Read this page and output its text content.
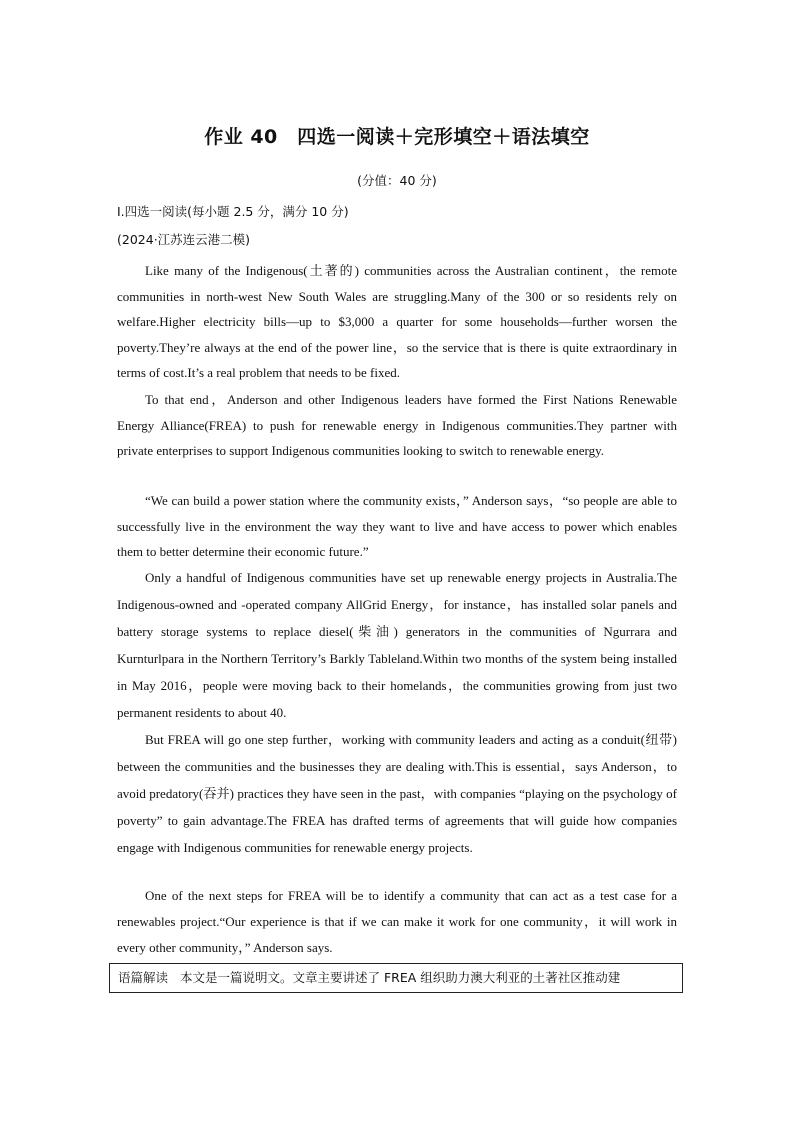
作业 40　四选一阅读＋完形填空＋语法填空
(分值：40 分)
Ⅰ.四选一阅读(每小题 2.5 分，满分 10 分)
(2024·江苏连云港二模)

Like many of the Indigenous(土著的) communities across the Australian continent，the remote communities in north-west New South Wales are struggling.Many of the 300 or so residents rely on welfare.Higher electricity bills—up to $3,000 a quarter for some households—further worsen the poverty.They’re always at the end of the power line，so the service that is there is quite extraordinary in terms of cost.It’s a real problem that needs to be fixed.

To that end，Anderson and other Indigenous leaders have formed the First Nations Renewable Energy Alliance(FREA) to push for renewable energy in Indigenous communities.They partner with private enterprises to support Indigenous communities looking to switch to renewable energy.

“We can build a power station where the community exists，” Anderson says，“so people are able to successfully live in the environment the way they want to live and have access to power which enables them to better determine their economic future.”

Only a handful of Indigenous communities have set up renewable energy projects in Australia.The Indigenous-owned and -operated company AllGrid Energy，for instance，has installed solar panels and battery storage systems to replace diesel(柴油) generators in the communities of Ngurrara and Kurnturlpara in the Northern Territory’s Barkly Tableland.Within two months of the system being installed in May 2016，people were moving back to their homelands，the communities growing from just two permanent residents to about 40.

But FREA will go one step further，working with community leaders and acting as a conduit(纽带) between the communities and the businesses they are dealing with.This is essential，says Anderson，to avoid predatory(吞并) practices they have seen in the past，with companies “playing on the psychology of poverty” to gain advantage.The FREA has drafted terms of agreements that will guide how companies engage with Indigenous communities for renewable energy projects.

One of the next steps for FREA will be to identify a community that can act as a test case for a renewables project.“Our experience is that if we can make it work for one community，it will work in every other community，” Anderson says.

语篇解读 本文是一篇说明文。文章主要讲述了 FREA 组织助力澳大利亚的土著社区推动建
